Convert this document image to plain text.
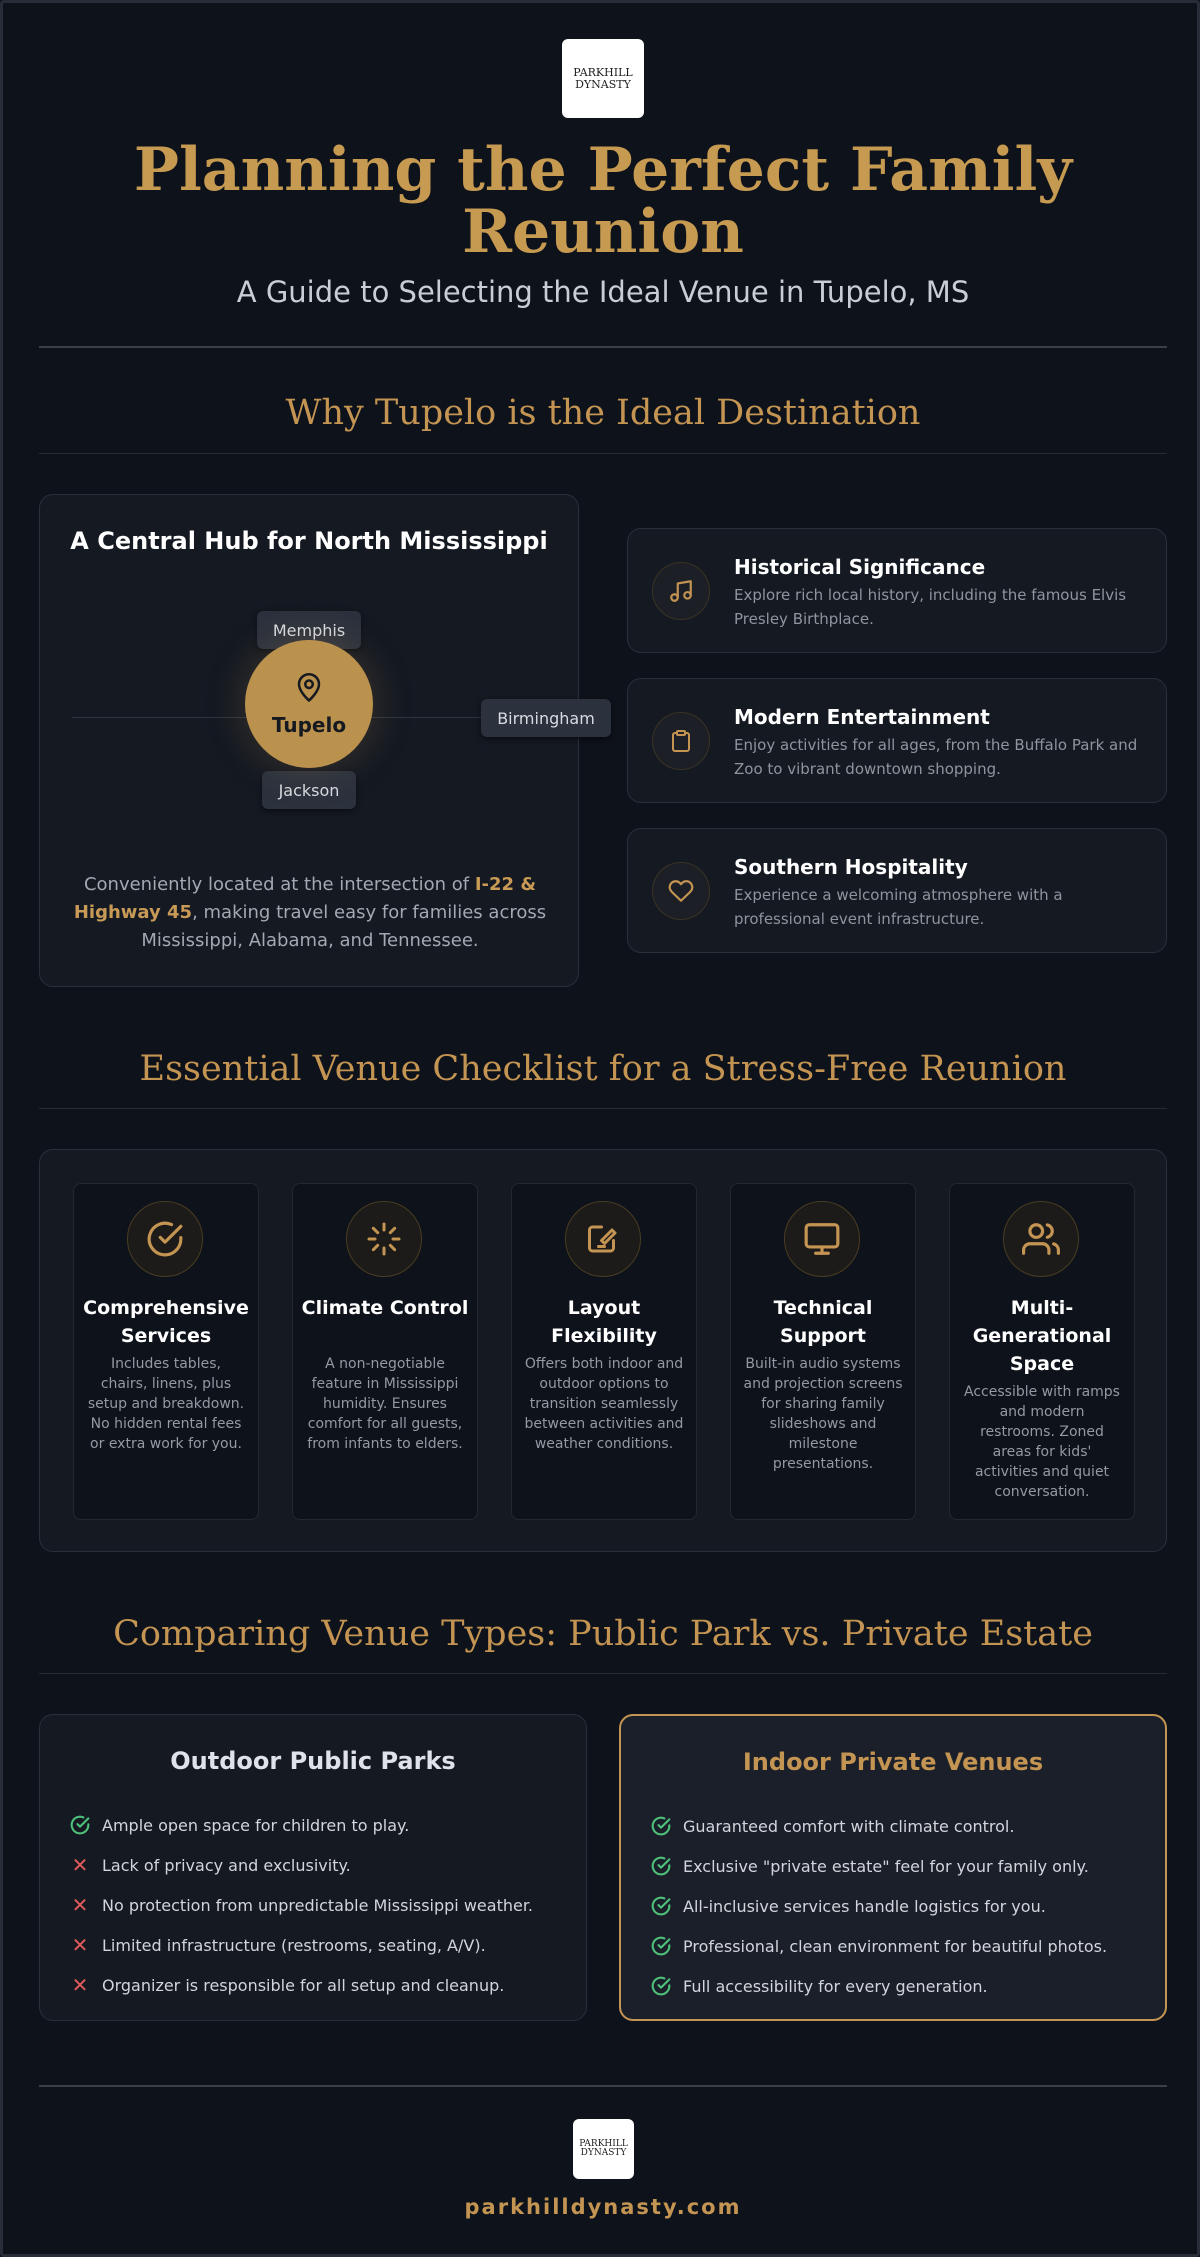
PARKHILL
DYNASTY
Planning the Perfect Family Reunion
A Guide to Selecting the Ideal Venue in Tupelo, MS
Why Tupelo is the Ideal Destination
A Central Hub for North Mississippi
Memphis
Birmingham
Jackson
Tupelo
Conveniently located at the intersection of I-22 & Highway 45, making travel easy for families across Mississippi, Alabama, and Tennessee.
Historical Significance
Explore rich local history, including the famous Elvis Presley Birthplace.
Modern Entertainment
Enjoy activities for all ages, from the Buffalo Park and Zoo to vibrant downtown shopping.
Southern Hospitality
Experience a welcoming atmosphere with a professional event infrastructure.
Essential Venue Checklist for a Stress-Free Reunion
Comprehensive Services
Includes tables, chairs, linens, plus setup and breakdown. No hidden rental fees or extra work for you.
Climate Control
A non-negotiable feature in Mississippi humidity. Ensures comfort for all guests, from infants to elders.
Layout Flexibility
Offers both indoor and outdoor options to transition seamlessly between activities and weather conditions.
Technical Support
Built-in audio systems and projection screens for sharing family slideshows and milestone presentations.
Multi-Generational Space
Accessible with ramps and modern restrooms. Zoned areas for kids' activities and quiet conversation.
Comparing Venue Types: Public Park vs. Private Estate
Outdoor Public Parks
Ample open space for children to play.
✕ Lack of privacy and exclusivity.
✕ No protection from unpredictable Mississippi weather.
✕ Limited infrastructure (restrooms, seating, A/V).
✕ Organizer is responsible for all setup and cleanup.
Indoor Private Venues
Guaranteed comfort with climate control.
Exclusive "private estate" feel for your family only.
All-inclusive services handle logistics for you.
Professional, clean environment for beautiful photos.
Full accessibility for every generation.
PARKHILL
DYNASTY
parkhilldynasty.com
